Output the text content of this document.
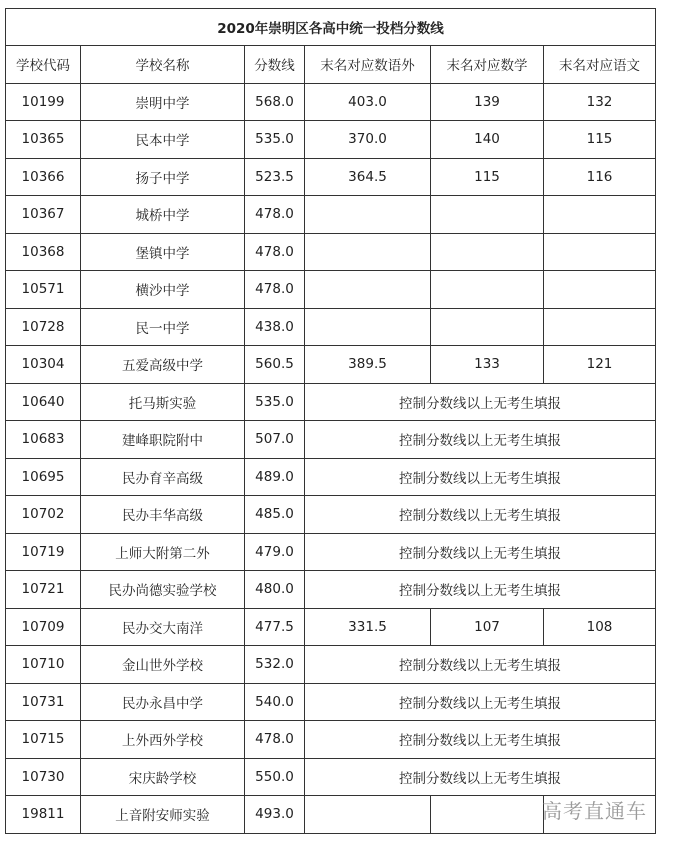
2020年崇明区各高中统一投档分数线					
学校代码	学校名称	分数线	末名对应数语外	末名对应数学	末名对应语文
10199	崇明中学	568.0	403.0	139	132
10365	民本中学	535.0	370.0	140	115
10366	扬子中学	523.5	364.5	115	116
10367	城桥中学	478.0			
10368	堡镇中学	478.0			
10571	横沙中学	478.0			
10728	民一中学	438.0			
10304	五爱高级中学	560.5	389.5	133	121
10640	托马斯实验	535.0	控制分数线以上无考生填报		
10683	建峰职院附中	507.0	控制分数线以上无考生填报		
10695	民办育辛高级	489.0	控制分数线以上无考生填报		
10702	民办丰华高级	485.0	控制分数线以上无考生填报		
10719	上师大附第二外	479.0	控制分数线以上无考生填报		
10721	民办尚德实验学校	480.0	控制分数线以上无考生填报		
10709	民办交大南洋	477.5	331.5	107	108
10710	金山世外学校	532.0	控制分数线以上无考生填报		
10731	民办永昌中学	540.0	控制分数线以上无考生填报		
10715	上外西外学校	478.0	控制分数线以上无考生填报		
10730	宋庆龄学校	550.0	控制分数线以上无考生填报		
19811	上音附安师实验	493.0				高考直通车
